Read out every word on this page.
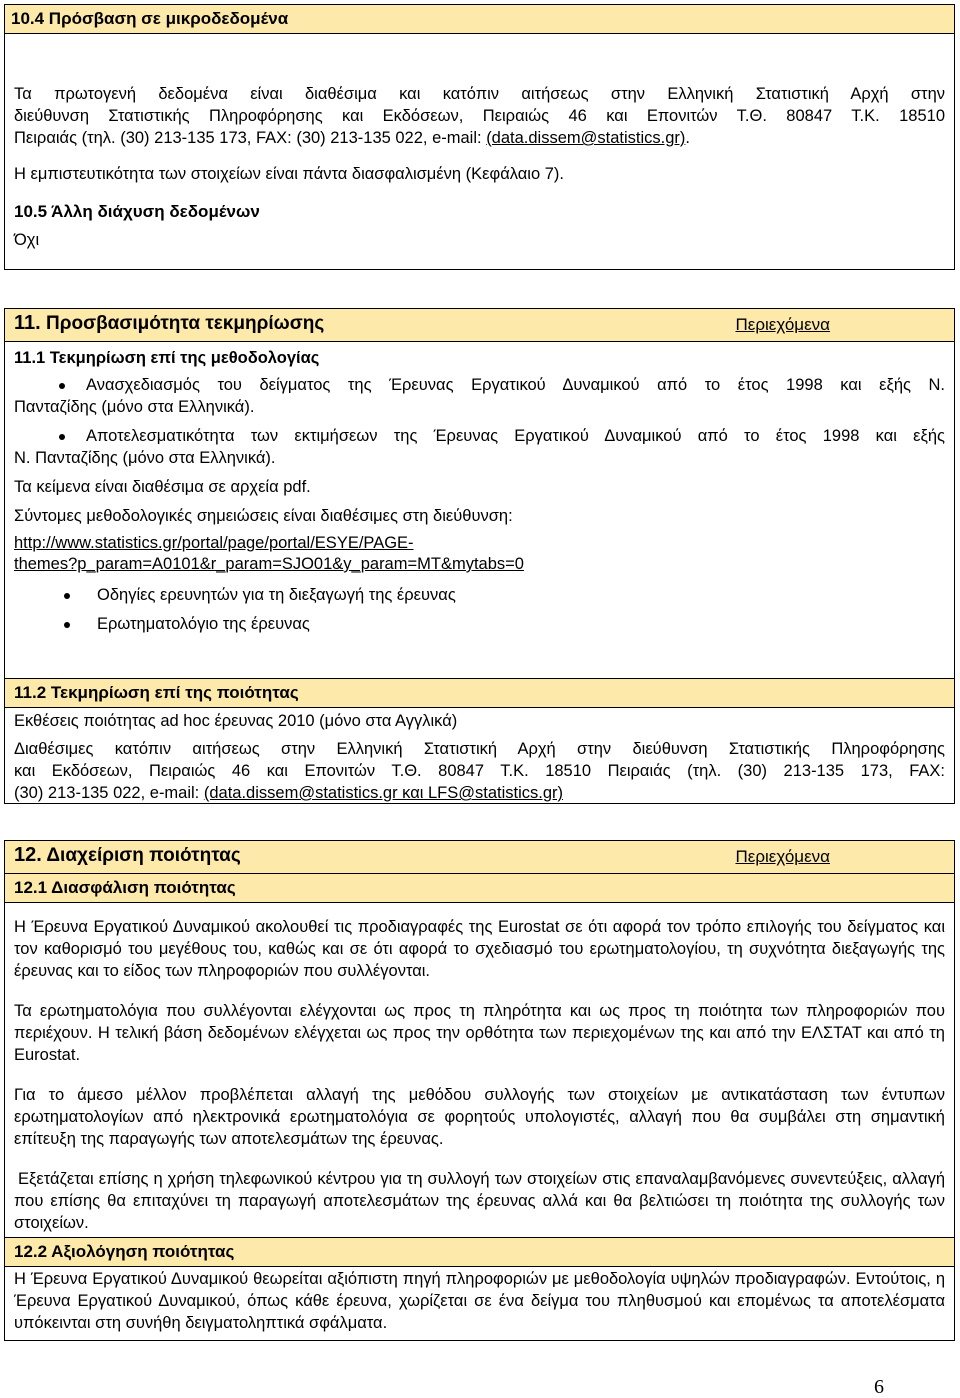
10.4 Πρόσβαση σε μικροδεδομένα

Τα πρωτογενή δεδομένα είναι διαθέσιμα και κατόπιν αιτήσεως στην Ελληνική Στατιστική Αρχή στην

διεύθυνση Στατιστικής Πληροφόρησης και Εκδόσεων, Πειραιώς 46 και Επονιτών Τ.Θ. 80847 Τ.Κ. 18510

Πειραιάς (τηλ. (30) 213-135 173, FAX: (30) 213-135 022, e-mail: (data.dissem@statistics.gr).

Η εμπιστευτικότητα των στοιχείων είναι πάντα διασφαλισμένη (Κεφάλαιο 7).

10.5 Άλλη διάχυση δεδομένων

Όχι

11. Προσβασιμότητα τεκμηρίωσης	Περιεχόμενα

11.1 Τεκμηρίωση επί της μεθοδολογίας

Ανασχεδιασμός του δείγματος της Έρευνας Εργατικού Δυναμικού από το έτος 1998 και εξής Ν.

Πανταζίδης (μόνο στα Ελληνικά).

Αποτελεσματικότητα των εκτιμήσεων της Έρευνας Εργατικού Δυναμικού από το έτος 1998 και εξής

Ν. Πανταζίδης (μόνο στα Ελληνικά).

Τα κείμενα είναι διαθέσιμα σε αρχεία pdf.

Σύντομες μεθοδολογικές σημειώσεις είναι διαθέσιμες στη διεύθυνση:

http://www.statistics.gr/portal/page/portal/ESYE/PAGE-
themes?p_param=A0101&r_param=SJO01&y_param=MT&mytabs=0

Οδηγίες ερευνητών για τη διεξαγωγή της έρευνας

Ερωτηματολόγιο της έρευνας

11.2 Τεκμηρίωση επί της ποιότητας

Εκθέσεις ποιότητας ad hoc έρευνας 2010 (μόνο στα Αγγλικά)

Διαθέσιμες κατόπιν αιτήσεως στην Ελληνική Στατιστική Αρχή στην διεύθυνση Στατιστικής Πληροφόρησης

και Εκδόσεων, Πειραιώς 46 και Επονιτών Τ.Θ. 80847 Τ.Κ. 18510 Πειραιάς (τηλ. (30) 213-135 173, FAX:

(30) 213-135 022, e-mail: (data.dissem@statistics.gr και LFS@statistics.gr)

12. Διαχείριση ποιότητας	Περιεχόμενα
12.1 Διασφάλιση ποιότητας

Η Έρευνα Εργατικού Δυναμικού ακολουθεί τις προδιαγραφές της Eurostat σε ότι αφορά τον τρόπο επιλογής του δείγματος και τον καθορισμό του μεγέθους του, καθώς και σε ότι αφορά το σχεδιασμό του ερωτηματολογίου, τη συχνότητα διεξαγωγής της έρευνας και το είδος των πληροφοριών που συλλέγονται.

Τα ερωτηματολόγια που συλλέγονται ελέγχονται ως προς τη πληρότητα και ως προς τη ποιότητα των πληροφοριών που περιέχουν. Η τελική βάση δεδομένων ελέγχεται ως προς την ορθότητα των περιεχομένων της και από την ΕΛΣΤΑΤ και από τη Eurostat.

Για το άμεσο μέλλον προβλέπεται αλλαγή της μεθόδου συλλογής των στοιχείων με αντικατάσταση των έντυπων ερωτηματολογίων από ηλεκτρονικά ερωτηματολόγια σε φορητούς υπολογιστές, αλλαγή που θα συμβάλει στη σημαντική επίτευξη της παραγωγής των αποτελεσμάτων της έρευνας.

Εξετάζεται επίσης η χρήση τηλεφωνικού κέντρου για τη συλλογή των στοιχείων στις επαναλαμβανόμενες συνεντεύξεις, αλλαγή που επίσης θα επιταχύνει τη παραγωγή αποτελεσμάτων της έρευνας αλλά και θα βελτιώσει τη ποιότητα της συλλογής των στοιχείων.

12.2 Αξιολόγηση ποιότητας

Η Έρευνα Εργατικού Δυναμικού θεωρείται αξιόπιστη πηγή πληροφοριών με μεθοδολογία υψηλών προδιαγραφών. Εντούτοις, η Έρευνα Εργατικού Δυναμικού, όπως κάθε έρευνα, χωρίζεται σε ένα δείγμα του πληθυσμού και επομένως τα αποτελέσματα υπόκεινται στη συνήθη δειγματοληπτικά σφάλματα.

6
